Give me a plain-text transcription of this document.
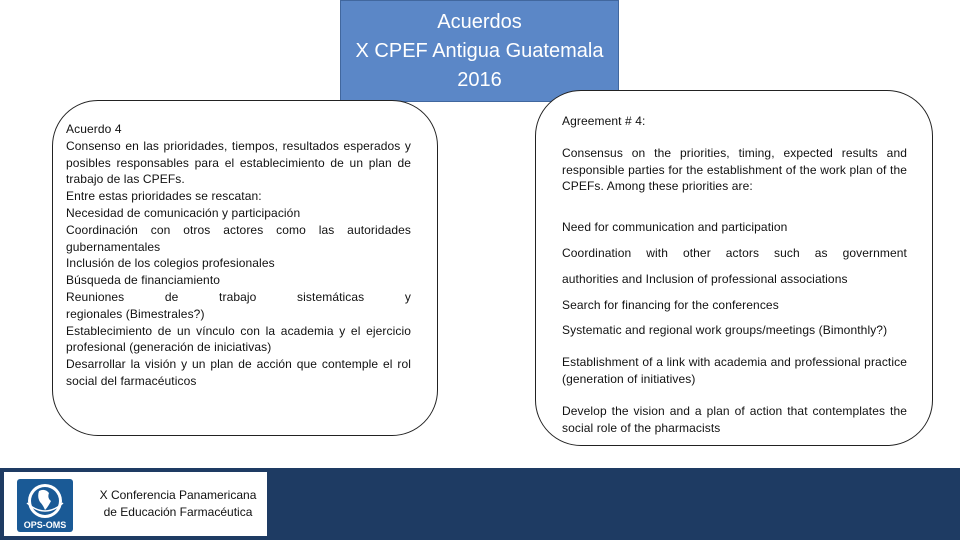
Acuerdos
X CPEF Antigua Guatemala
2016

Acuerdo 4

Consenso en las prioridades, tiempos, resultados esperados y posibles responsables para el establecimiento de un plan de trabajo de las CPEFs.

Entre estas prioridades se rescatan:

Necesidad de comunicación y participación

Coordinación con otros actores como las autoridades gubernamentales

Inclusión de los colegios profesionales

Búsqueda de financiamiento

Reuniones de trabajo sistemáticas y

regionales (Bimestrales?)

Establecimiento de un vínculo con la academia y el ejercicio profesional (generación de iniciativas)

Desarrollar la visión y un plan de acción que contemple el rol social del farmacéuticos

Agreement # 4:

Consensus on the priorities, timing, expected results and responsible parties for the establishment of the work plan of the CPEFs. Among these priorities are:

Need for communication and participation

Coordination with other actors such as government

authorities and Inclusion of professional associations

Search for financing for the conferences

Systematic and regional work groups/meetings (Bimonthly?)

Establishment of a link with academia and professional practice (generation of initiatives)

Develop the vision and a plan of action that contemplates the social role of the pharmacists

OPS-OMS
X Conferencia Panamericana
de Educación Farmacéutica
